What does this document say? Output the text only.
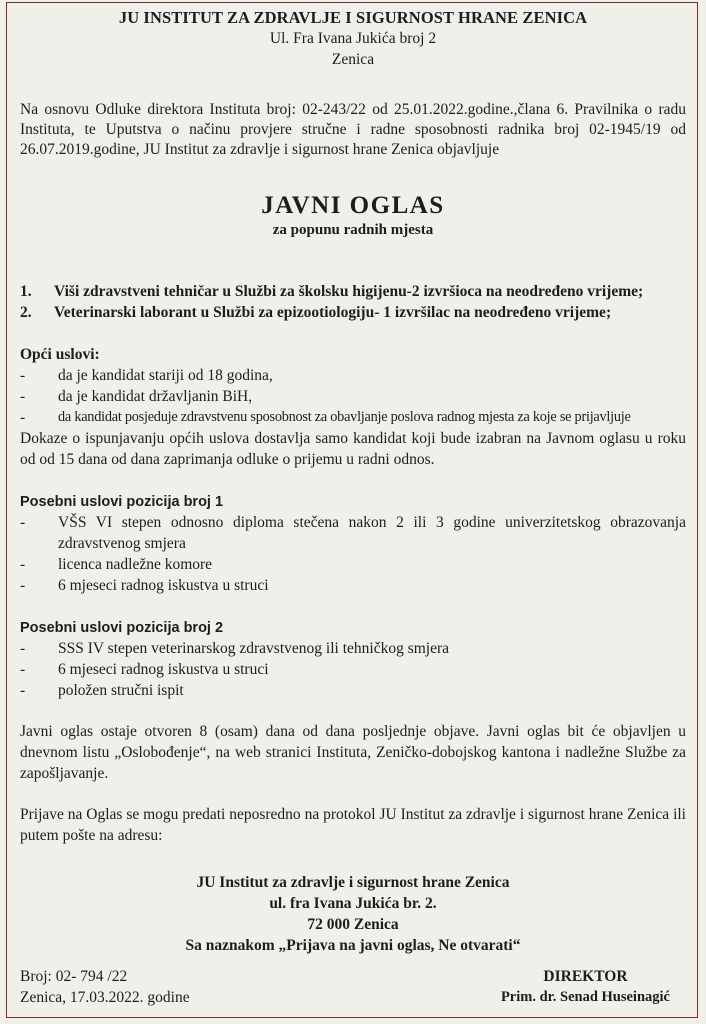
JU INSTITUT ZA ZDRAVLJE I SIGURNOST HRANE ZENICA
Ul. Fra Ivana Jukića broj 2
Zenica
Na osnovu Odluke direktora Instituta broj: 02-243/22 od 25.01.2022.godine.,člana 6. Pravilnika o radu Instituta, te Uputstva o načinu provjere stručne i radne sposobnosti radnika broj 02-1945/19 od 26.07.2019.godine, JU Institut za zdravlje i sigurnost hrane Zenica objavljuje
JAVNI OGLAS
za popunu radnih mjesta
1.	Viši zdravstveni tehničar u Službi za školsku higijenu-2 izvršioca na neodređeno vrijeme;
2.	Veterinarski laborant u Službi za epizootiologiju- 1 izvršilac na neodređeno vrijeme;
Opći uslovi:
-	da je kandidat stariji od 18 godina,
-	da je kandidat državljanin BiH,
-	da kandidat posjeduje zdravstvenu sposobnost za obavljanje poslova radnog mjesta za koje se prijavljuje
Dokaze o ispunjavanju općih uslova dostavlja samo kandidat koji bude izabran na Javnom oglasu u roku od od 15 dana od dana zaprimanja odluke o prijemu u radni odnos.
Posebni uslovi pozicija broj 1
-	VŠS VI stepen odnosno diploma stečena nakon 2 ili 3 godine univerzitetskog obrazovanja zdravstvenog smjera
-	licenca nadležne komore
-	6 mjeseci radnog iskustva u struci
Posebni uslovi pozicija broj 2
-	SSS IV stepen veterinarskog zdravstvenog ili tehničkog smjera
-	6 mjeseci radnog iskustva u struci
-	položen stručni ispit
Javni oglas ostaje otvoren 8 (osam) dana od dana posljednje objave. Javni oglas bit će objavljen u dnevnom listu „Oslobođenje“, na web stranici Instituta, Zeničko-dobojskog kantona i nadležne Službe za zapošljavanje.
Prijave na Oglas se mogu predati neposredno na protokol JU Institut za zdravlje i sigurnost hrane Zenica ili putem pošte na adresu:
JU Institut za zdravlje i sigurnost hrane Zenica
ul. fra Ivana Jukića br. 2.
72 000 Zenica
Sa naznakom „Prijava na javni oglas, Ne otvarati“
Broj: 02- 794 /22
Zenica, 17.03.2022. godine
DIREKTOR
Prim. dr. Senad Huseinagić
